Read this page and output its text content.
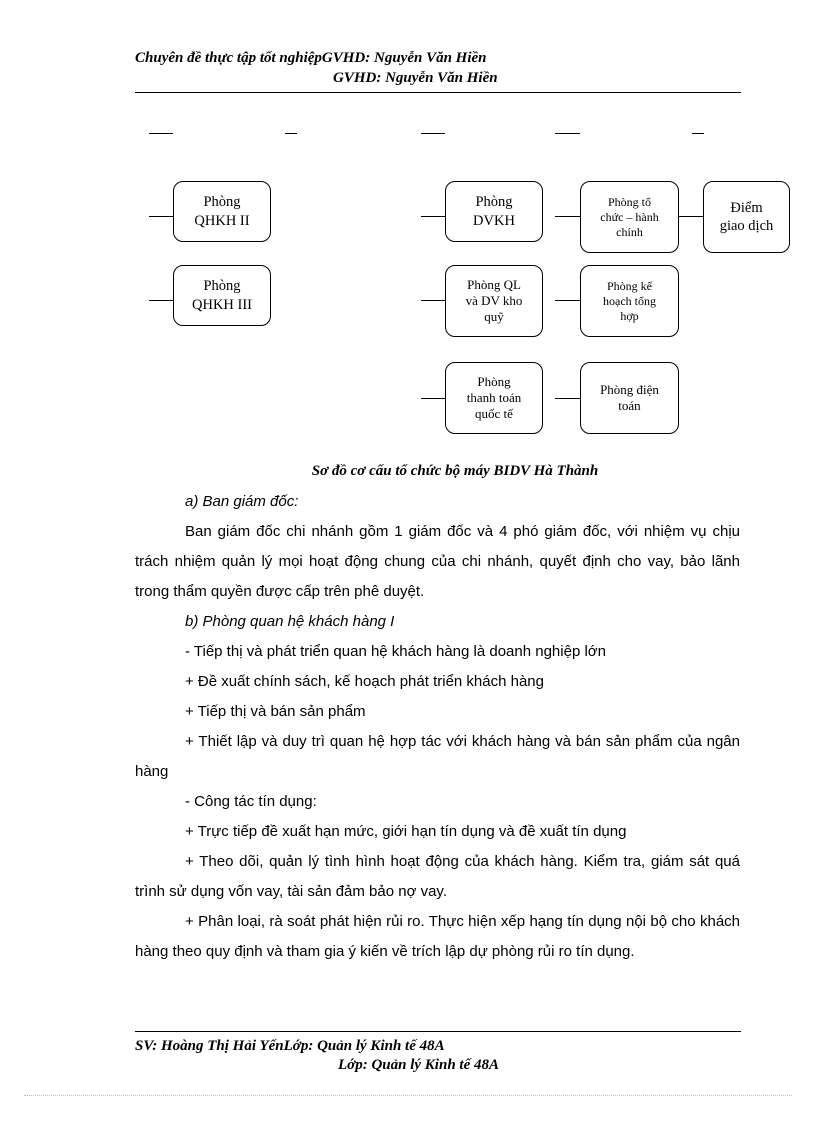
Chuyên đề thực tập tốt nghiệpGVHD: Nguyễn Văn Hiền
GVHD: Nguyễn Văn Hiền
Phòng
QHKH II
Phòng
QHKH III
Phòng
DVKH
Phòng tổ
chức – hành
chính
Điểm
giao dịch
Phòng QL
và DV kho
quỹ
Phòng kế
hoạch tổng
hợp
Phòng
thanh toán
quốc tế
Phòng điện
toán
Sơ đồ cơ cấu tổ chức bộ máy BIDV Hà Thành
a) Ban giám đốc:
Ban giám đốc chi nhánh gồm 1 giám đốc và 4 phó giám đốc, với nhiệm vụ chịu trách nhiệm quản lý mọi hoạt động chung của chi nhánh, quyết định cho vay, bảo lãnh trong thẩm quyền được cấp trên phê duyệt.
b) Phòng quan hệ khách hàng I
- Tiếp thị và phát triển quan hệ khách hàng là doanh nghiệp lớn
+ Đề xuất chính sách, kế hoạch phát triển khách hàng
+ Tiếp thị và bán sản phẩm
+ Thiết lập và duy trì quan hệ hợp tác với khách hàng và bán sản phẩm của ngân hàng
- Công tác tín dụng:
+ Trực tiếp đề xuất hạn mức, giới hạn tín dụng và đề xuất tín dụng
+ Theo dõi, quản lý tình hình hoạt động của khách hàng. Kiểm tra, giám sát quá trình sử dụng vốn vay, tài sản đảm bảo nợ vay.
+ Phân loại, rà soát phát hiện rủi ro. Thực hiện xếp hạng tín dụng nội bộ cho khách hàng theo quy định và tham gia ý kiến về trích lập dự phòng rủi ro tín dụng.
SV: Hoàng Thị Hải YếnLớp: Quản lý Kinh tế 48A
Lớp: Quản lý Kinh tế 48A
